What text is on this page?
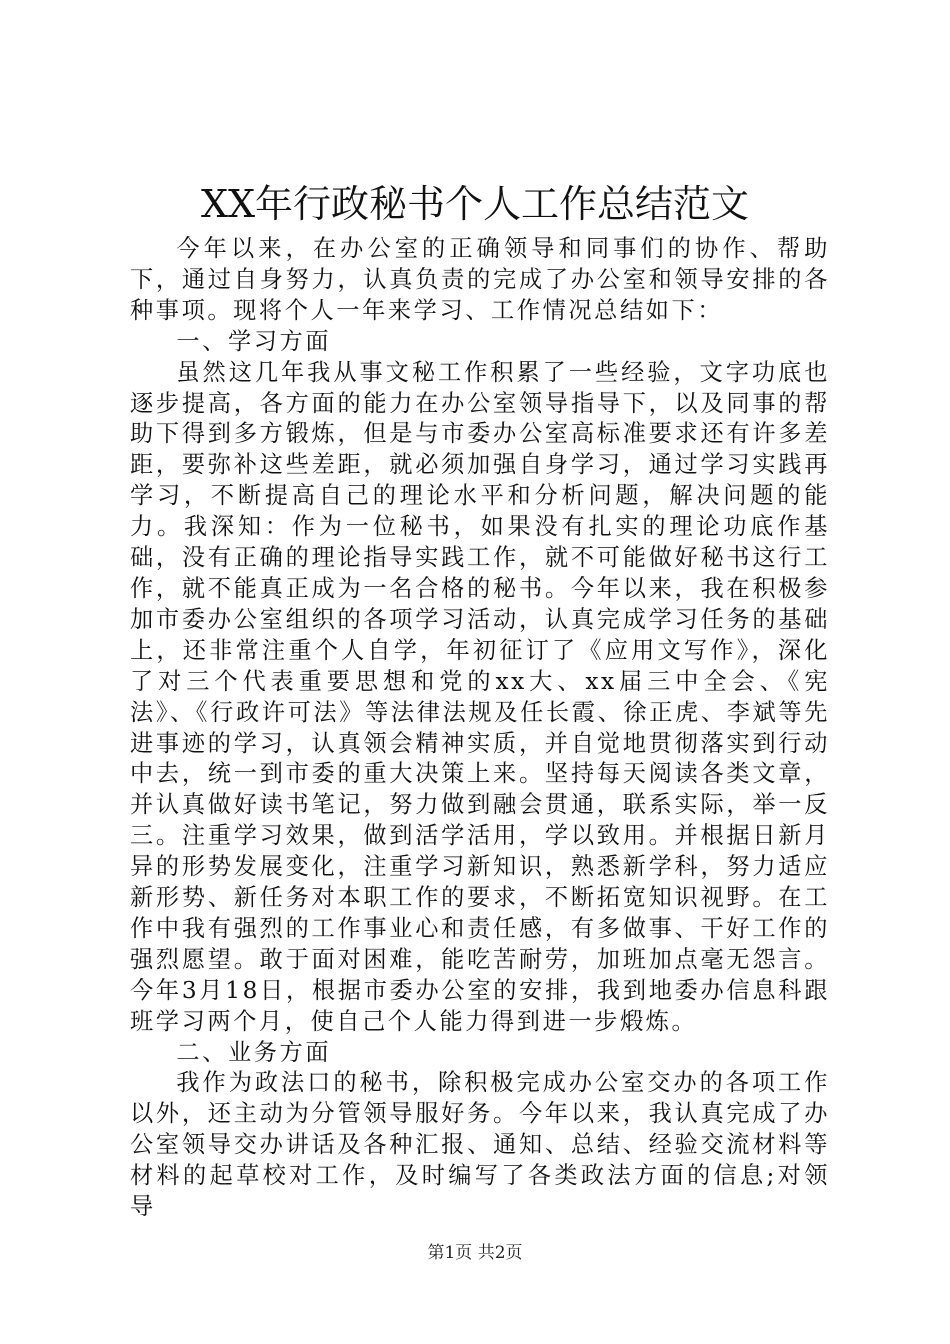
XX年行政秘书个人工作总结范文

今年以来，在办公室的正确领导和同事们的协作、帮助下，通过自身努力，认真负责的完成了办公室和领导安排的各种事项。现将个人一年来学习、工作情况总结如下：

一、学习方面

虽然这几年我从事文秘工作积累了一些经验，文字功底也逐步提高，各方面的能力在办公室领导指导下，以及同事的帮助下得到多方锻炼，但是与市委办公室高标准要求还有许多差距，要弥补这些差距，就必须加强自身学习，通过学习实践再学习，不断提高自己的理论水平和分析问题，解决问题的能力。我深知：作为一位秘书，如果没有扎实的理论功底作基础，没有正确的理论指导实践工作，就不可能做好秘书这行工作，就不能真正成为一名合格的秘书。今年以来，我在积极参加市委办公室组织的各项学习活动，认真完成学习任务的基础上，还非常注重个人自学，年初征订了《应用文写作》，深化了对三个代表重要思想和党的xx大、xx届三中全会、《宪法》、《行政许可法》等法律法规及任长霞、徐正虎、李斌等先进事迹的学习，认真领会精神实质，并自觉地贯彻落实到行动中去，统一到市委的重大决策上来。坚持每天阅读各类文章，并认真做好读书笔记，努力做到融会贯通，联系实际，举一反三。注重学习效果，做到活学活用，学以致用。并根据日新月异的形势发展变化，注重学习新知识，熟悉新学科，努力适应新形势、新任务对本职工作的要求，不断拓宽知识视野。在工作中我有强烈的工作事业心和责任感，有多做事、干好工作的强烈愿望。敢于面对困难，能吃苦耐劳，加班加点毫无怨言。今年3月18日，根据市委办公室的安排，我到地委办信息科跟班学习两个月，使自己个人能力得到进一步煅炼。

二、业务方面

我作为政法口的秘书，除积极完成办公室交办的各项工作以外，还主动为分管领导服好务。今年以来，我认真完成了办公室领导交办讲话及各种汇报、通知、总结、经验交流材料等材料的起草校对工作，及时编写了各类政法方面的信息;对领导

第1页 共2页
